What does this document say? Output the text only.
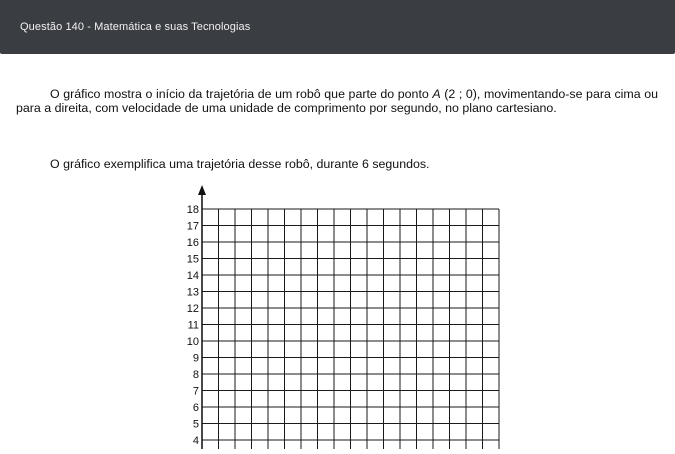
Questão 140 - Matemática e suas Tecnologias
O gráfico mostra o início da trajetória de um robô que parte do ponto A (2 ; 0), movimentando-se para cima ou para a direita, com velocidade de uma unidade de comprimento por segundo, no plano cartesiano.
O gráfico exemplifica uma trajetória desse robô, durante 6 segundos.
18
17
16
15
14
13
12
11
10
9
8
7
6
5
4
